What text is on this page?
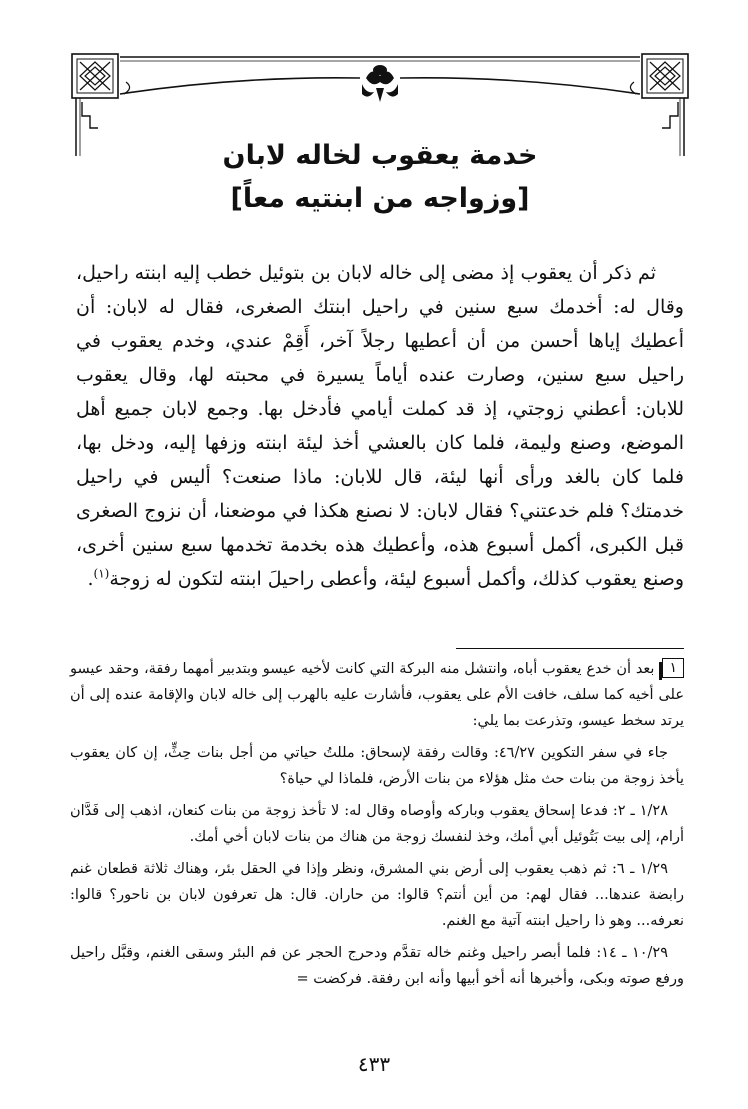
خدمة يعقوب لخاله لابان
[وزواجه من ابنتيه معاً]

ثم ذكر أن يعقوب إذ مضى إلى خاله لابان بن بتوئيل خطب إليه ابنته راحيل، وقال له: أخدمك سبع سنين في راحيل ابنتك الصغرى، فقال له لابان: أن أعطيك إياها أحسن من أن أعطيها رجلاً آخر، أَقِمْ عندي، وخدم يعقوب في راحيل سبع سنين، وصارت عنده أياماً يسيرة في محبته لها، وقال يعقوب للابان: أعطني زوجتي، إذ قد كملت أيامي فأدخل بها. وجمع لابان جميع أهل الموضع، وصنع وليمة، فلما كان بالعشي أخذ ليئة ابنته وزفها إليه، ودخل بها، فلما كان بالغد ورأى أنها ليئة، قال للابان: ماذا صنعت؟ أليس في راحيل خدمتك؟ فلم خدعتني؟ فقال لابان: لا نصنع هكذا في موضعنا، أن نزوج الصغرى قبل الكبرى، أكمل أسبوع هذه، وأعطيك هذه بخدمة تخدمها سبع سنين أخرى، وصنع يعقوب كذلك، وأكمل أسبوع ليئة، وأعطى راحيلَ ابنته لتكون له زوجة$^{(١)}$.

١بعد أن خدع يعقوب أباه، وانتشل منه البركة التي كانت لأخيه عيسو وبتدبير أمهما رفقة، وحقد عيسو على أخيه كما سلف، خافت الأم على يعقوب، فأشارت عليه بالهرب إلى خاله لابان والإقامة عنده إلى أن يرتد سخط عيسو، وتذرعت بما يلي:

جاء في سفر التكوين ٤٦/٢٧: وقالت رفقة لإسحاق: مللتُ حياتي من أجل بنات حِثٍّ، إن كان يعقوب يأخذ زوجة من بنات حث مثل هؤلاء من بنات الأرض، فلماذا لي حياة؟

١/٢٨ ـ ٢: فدعا إسحاق يعقوب وباركه وأوصاه وقال له: لا تأخذ زوجة من بنات كنعان، اذهب إلى فَدَّان أرام، إلى بيت بَتُوئيل أبي أمك، وخذ لنفسك زوجة من هناك من بنات لابان أخي أمك.

١/٢٩ ـ ٦: ثم ذهب يعقوب إلى أرض بني المشرق، ونظر وإذا في الحقل بئر، وهناك ثلاثة قطعان غنم رابضة عندها... فقال لهم: من أين أنتم؟ قالوا: من حاران. قال: هل تعرفون لابان بن ناحور؟ قالوا: نعرفه... وهو ذا راحيل ابنته آتية مع الغنم.

١٠/٢٩ ـ ١٤: فلما أبصر راحيل وغنم خاله تقدَّم ودحرج الحجر عن فم البئر وسقى الغنم، وقبَّل راحيل ورفع صوته وبكى، وأخبرها أنه أخو أبيها وأنه ابن رفقة. فركضت =

٤٣٣
